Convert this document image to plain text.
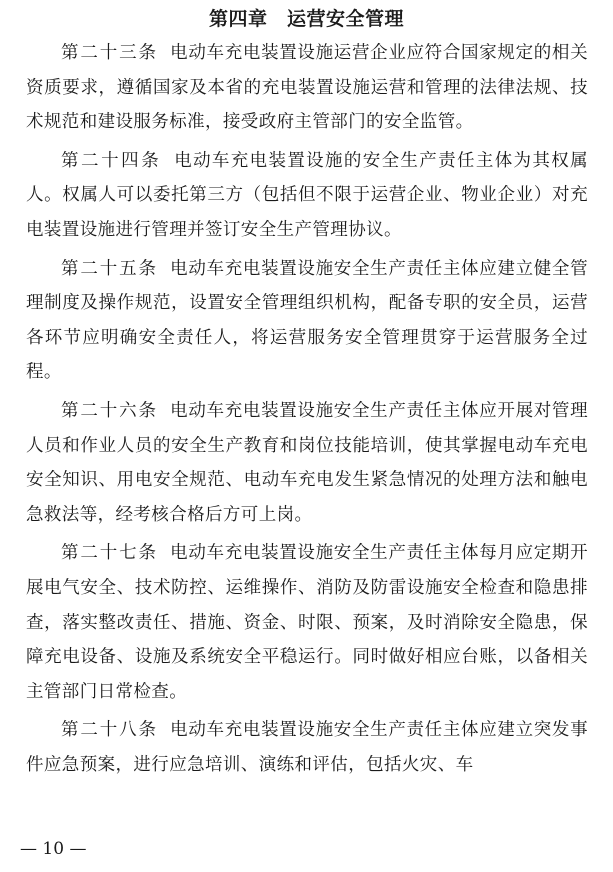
第四章　运营安全管理

第二十三条 电动车充电装置设施运营企业应符合国家规定的相关资质要求，遵循国家及本省的充电装置设施运营和管理的法律法规、技术规范和建设服务标准，接受政府主管部门的安全监管。

第二十四条 电动车充电装置设施的安全生产责任主体为其权属人。权属人可以委托第三方（包括但不限于运营企业、物业企业）对充电装置设施进行管理并签订安全生产管理协议。

第二十五条 电动车充电装置设施安全生产责任主体应建立健全管理制度及操作规范，设置安全管理组织机构，配备专职的安全员，运营各环节应明确安全责任人，将运营服务安全管理贯穿于运营服务全过程。

第二十六条 电动车充电装置设施安全生产责任主体应开展对管理人员和作业人员的安全生产教育和岗位技能培训，使其掌握电动车充电安全知识、用电安全规范、电动车充电发生紧急情况的处理方法和触电急救法等，经考核合格后方可上岗。

第二十七条 电动车充电装置设施安全生产责任主体每月应定期开展电气安全、技术防控、运维操作、消防及防雷设施安全检查和隐患排查，落实整改责任、措施、资金、时限、预案，及时消除安全隐患，保障充电设备、设施及系统安全平稳运行。同时做好相应台账，以备相关主管部门日常检查。

第二十八条 电动车充电装置设施安全生产责任主体应建立突发事件应急预案，进行应急培训、演练和评估，包括火灾、车

— 10 —
